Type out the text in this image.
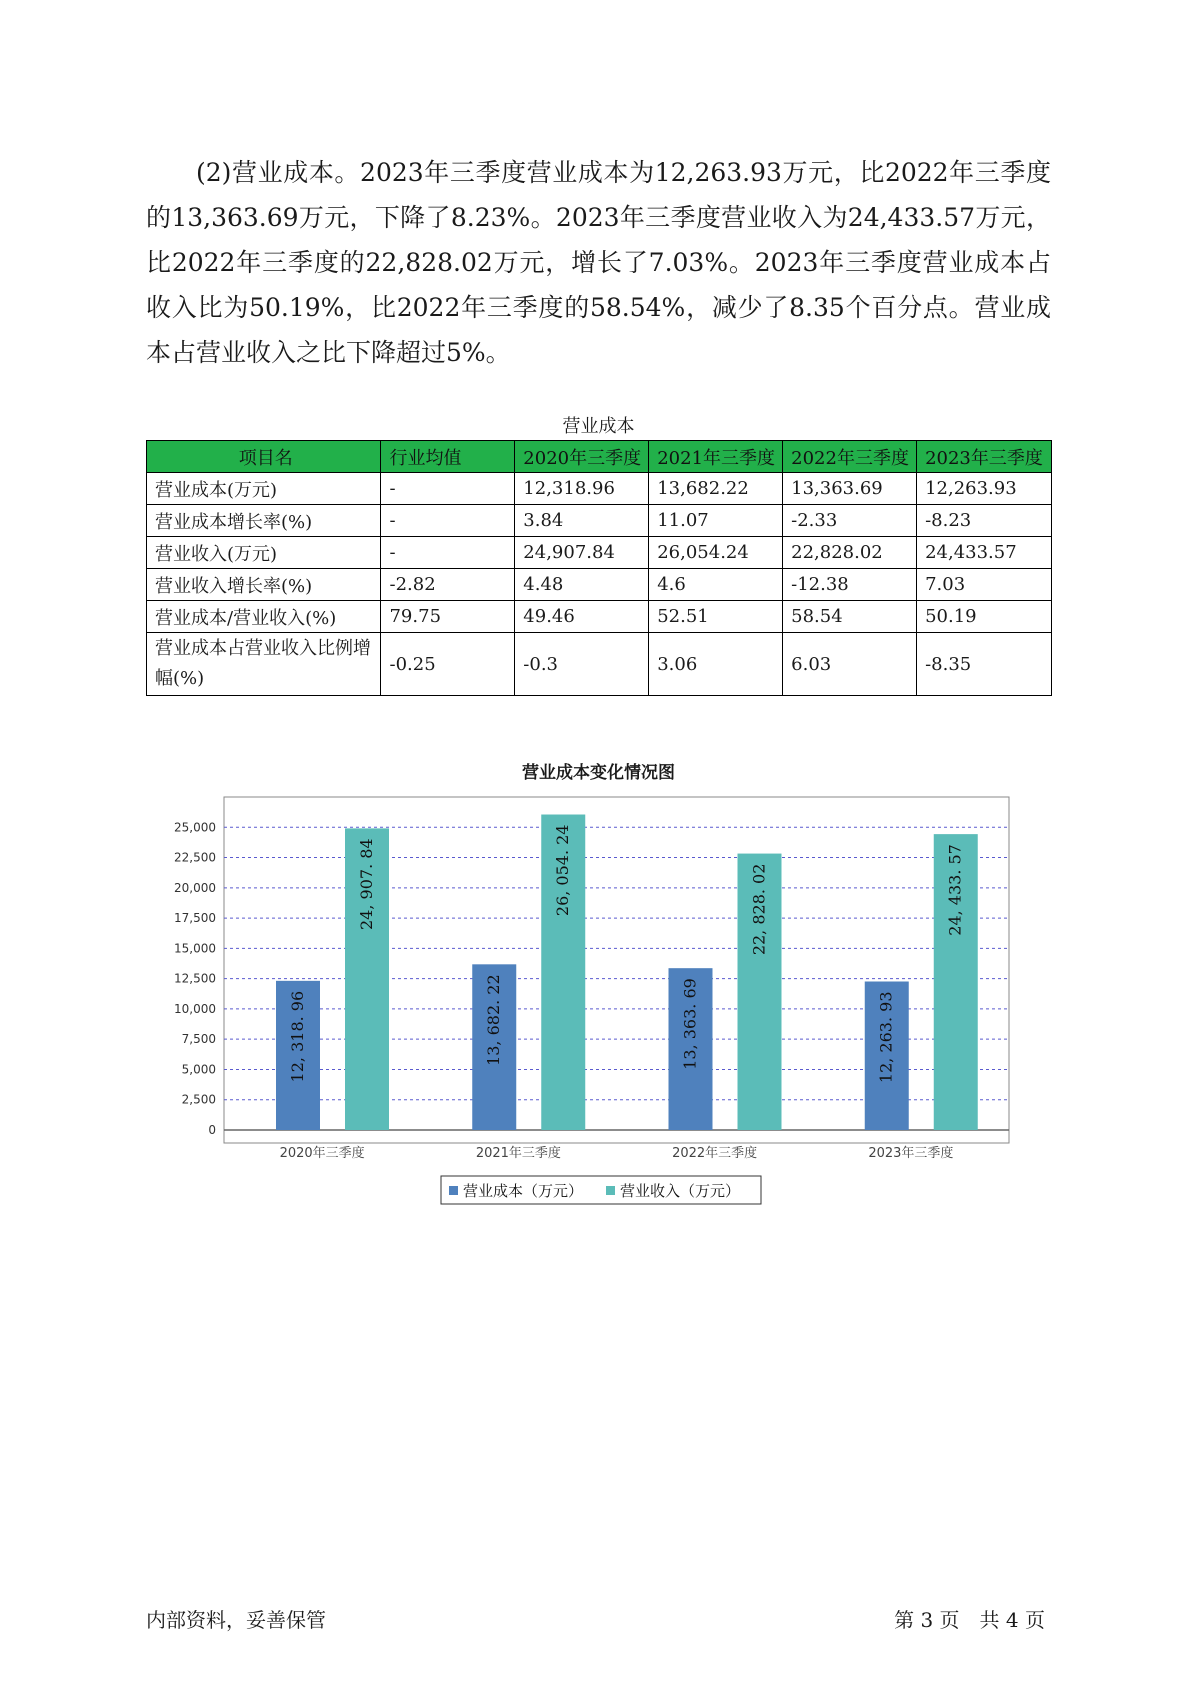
(2)营业成本。2023年三季度营业成本为12,263.93万元，比2022年三季度的13,363.69万元，下降了8.23%。2023年三季度营业收入为24,433.57万元，比2022年三季度的22,828.02万元，增长了7.03%。2023年三季度营业成本占收入比为50.19%，比2022年三季度的58.54%，减少了8.35个百分点。营业成本占营业收入之比下降超过5%。

营业成本
项目名	行业均值	2020年三季度	2021年三季度	2022年三季度	2023年三季度
营业成本(万元)	-	12,318.96	13,682.22	13,363.69	12,263.93
营业成本增长率(%)	-	3.84	11.07	-2.33	-8.23
营业收入(万元)	-	24,907.84	26,054.24	22,828.02	24,433.57
营业收入增长率(%)	-2.82	4.48	4.6	-12.38	7.03
营业成本/营业收入(%)	79.75	49.46	52.51	58.54	50.19
营业成本占营业收入比例增幅(%)	-0.25	-0.3	3.06	6.03	-8.35
营业成本变化情况图
0
2,500
5,000
7,500
10,000
12,500
15,000
17,500
20,000
22,500
25,000
12, 318. 96
24, 907. 84
2020年三季度
13, 682. 22
26, 054. 24
2021年三季度
13, 363. 69
22, 828. 02
2022年三季度
12, 263. 93
24, 433. 57
2023年三季度
营业成本（万元） 营业收入（万元）
内部资料，妥善保管	第 3 页　共 4 页
